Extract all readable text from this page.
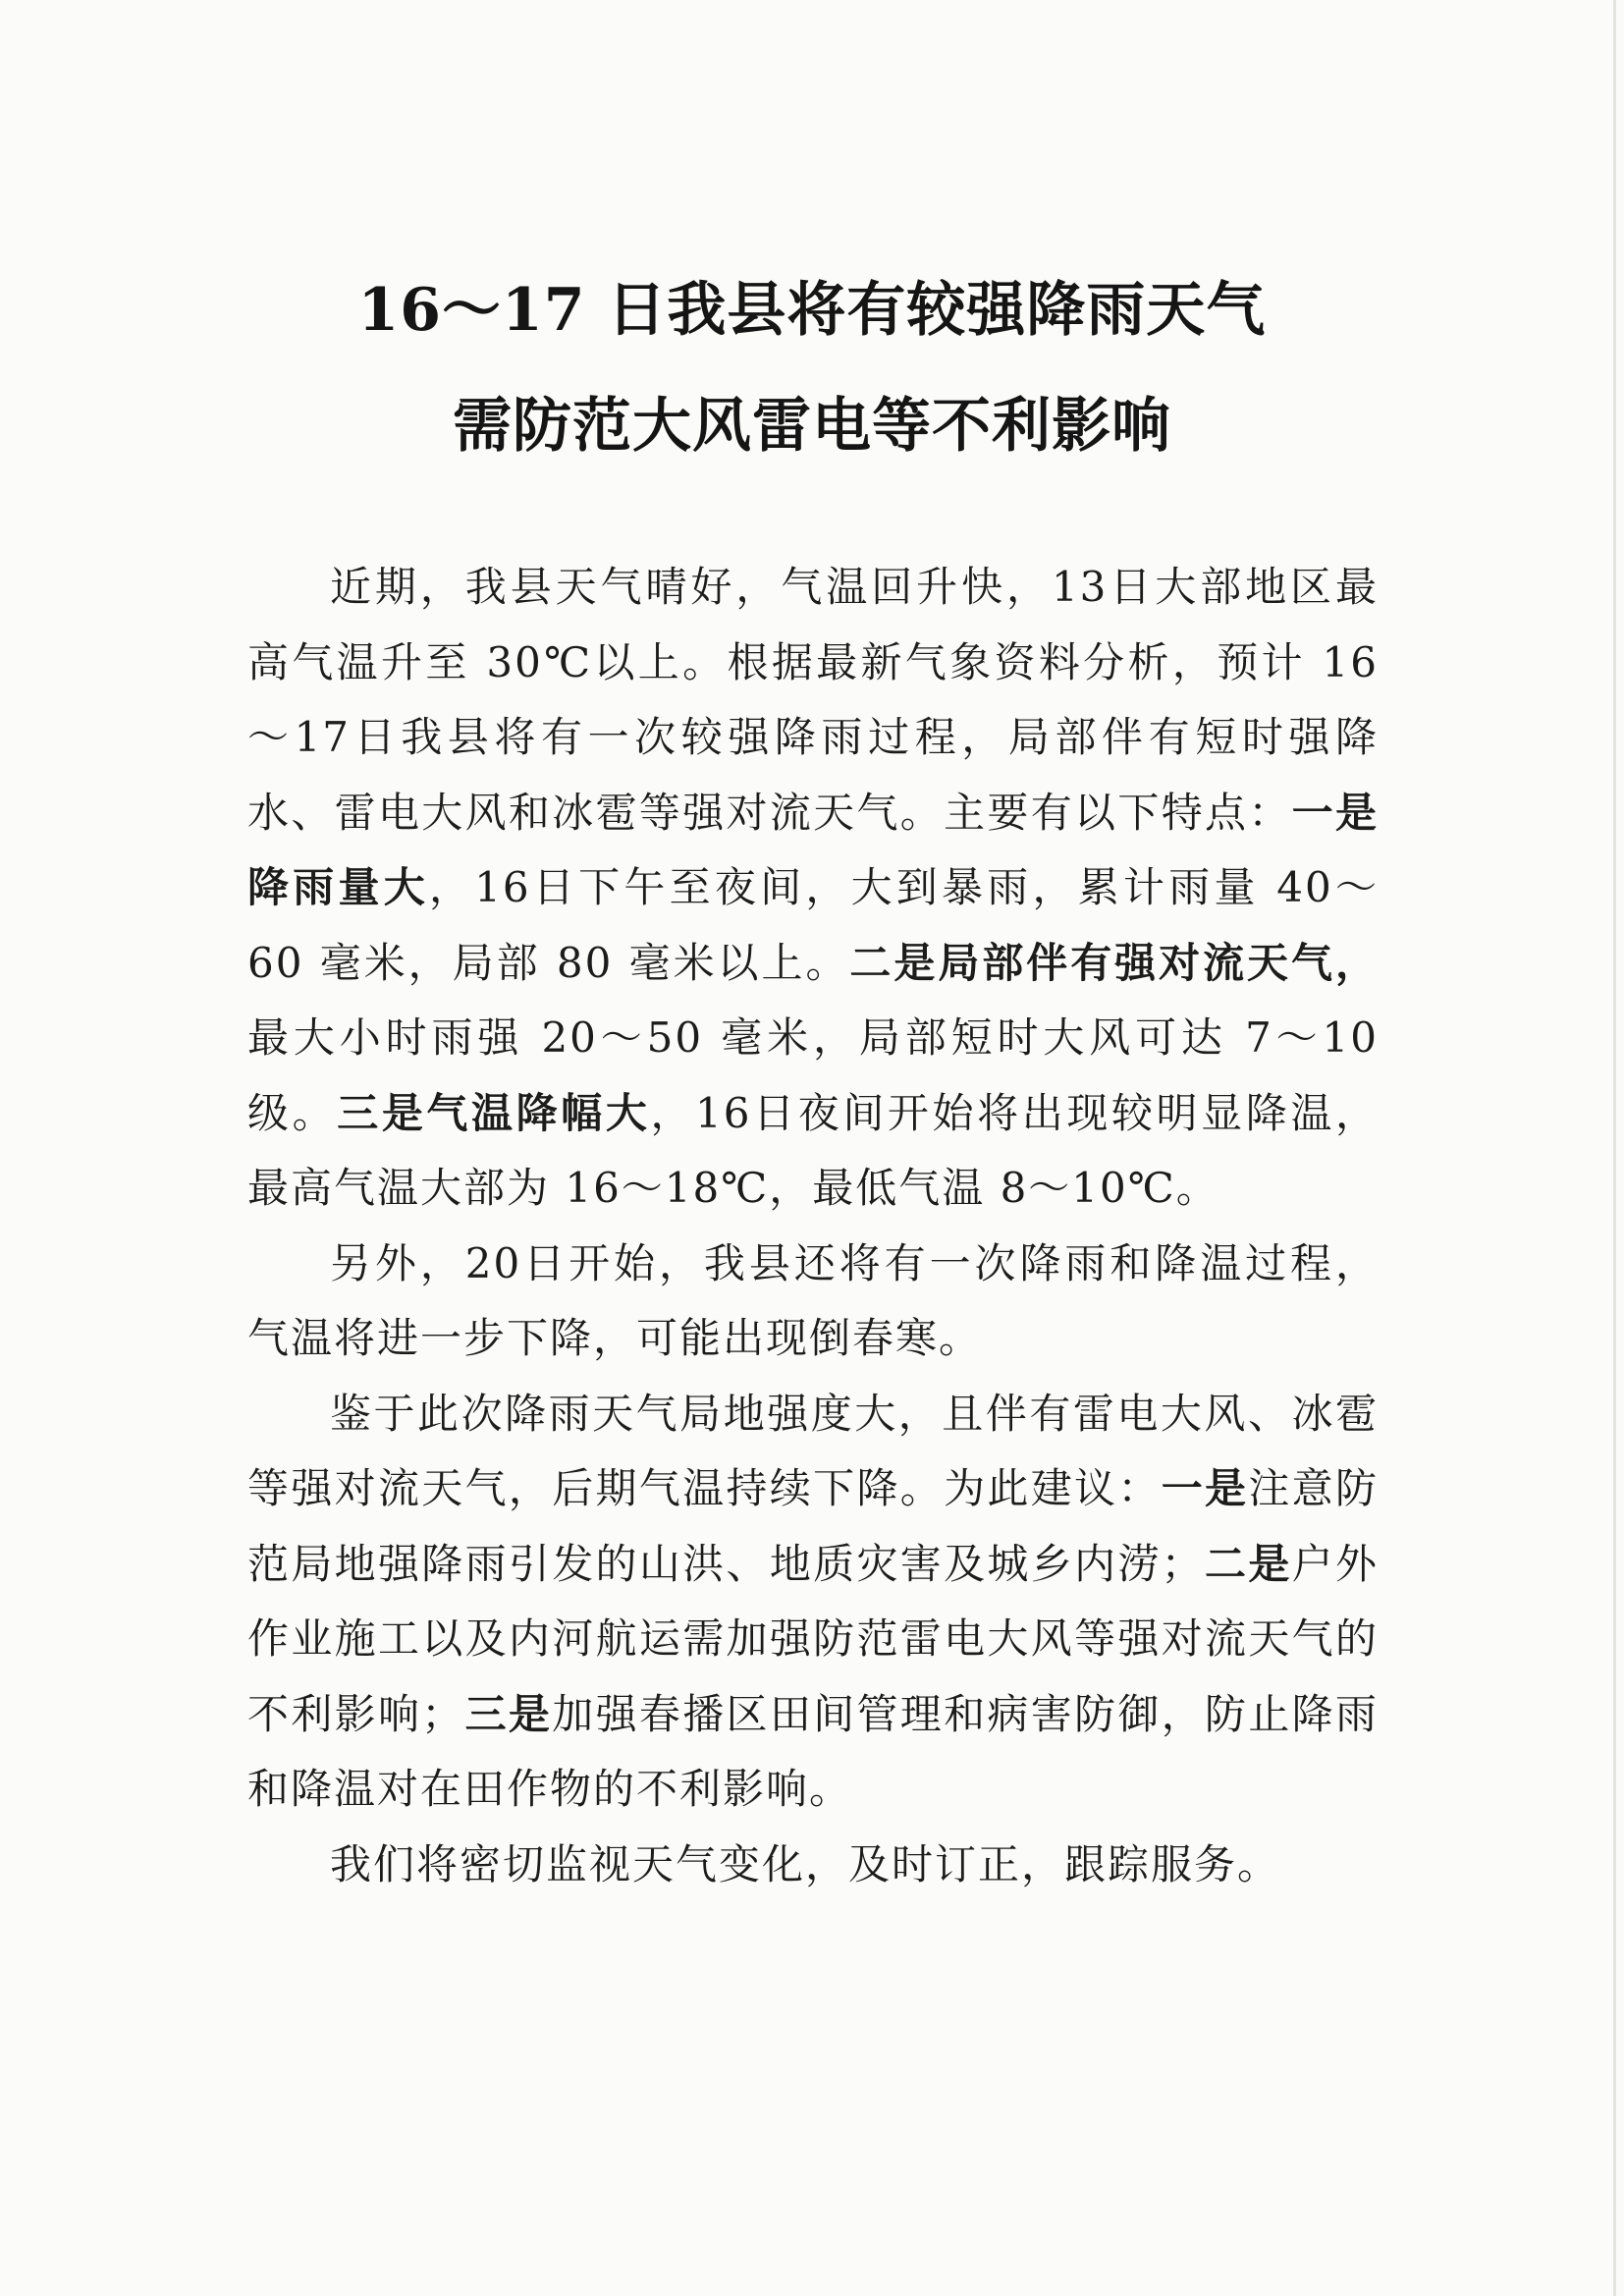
16～17 日我县将有较强降雨天气
需防范大风雷电等不利影响

近期，我县天气晴好，气温回升快，13日大部地区最高气温升至 30℃以上。根据最新气象资料分析，预计 16～17日我县将有一次较强降雨过程，局部伴有短时强降水、雷电大风和冰雹等强对流天气。主要有以下特点：一是降雨量大，16日下午至夜间，大到暴雨，累计雨量 40～60 毫米，局部 80 毫米以上。二是局部伴有强对流天气，最大小时雨强 20～50 毫米，局部短时大风可达 7～10 级。三是气温降幅大，16日夜间开始将出现较明显降温，最高气温大部为 16～18℃，最低气温 8～10℃。

另外，20日开始，我县还将有一次降雨和降温过程，气温将进一步下降，可能出现倒春寒。

鉴于此次降雨天气局地强度大，且伴有雷电大风、冰雹等强对流天气，后期气温持续下降。为此建议：一是注意防范局地强降雨引发的山洪、地质灾害及城乡内涝；二是户外作业施工以及内河航运需加强防范雷电大风等强对流天气的不利影响；三是加强春播区田间管理和病害防御，防止降雨和降温对在田作物的不利影响。

我们将密切监视天气变化，及时订正，跟踪服务。
